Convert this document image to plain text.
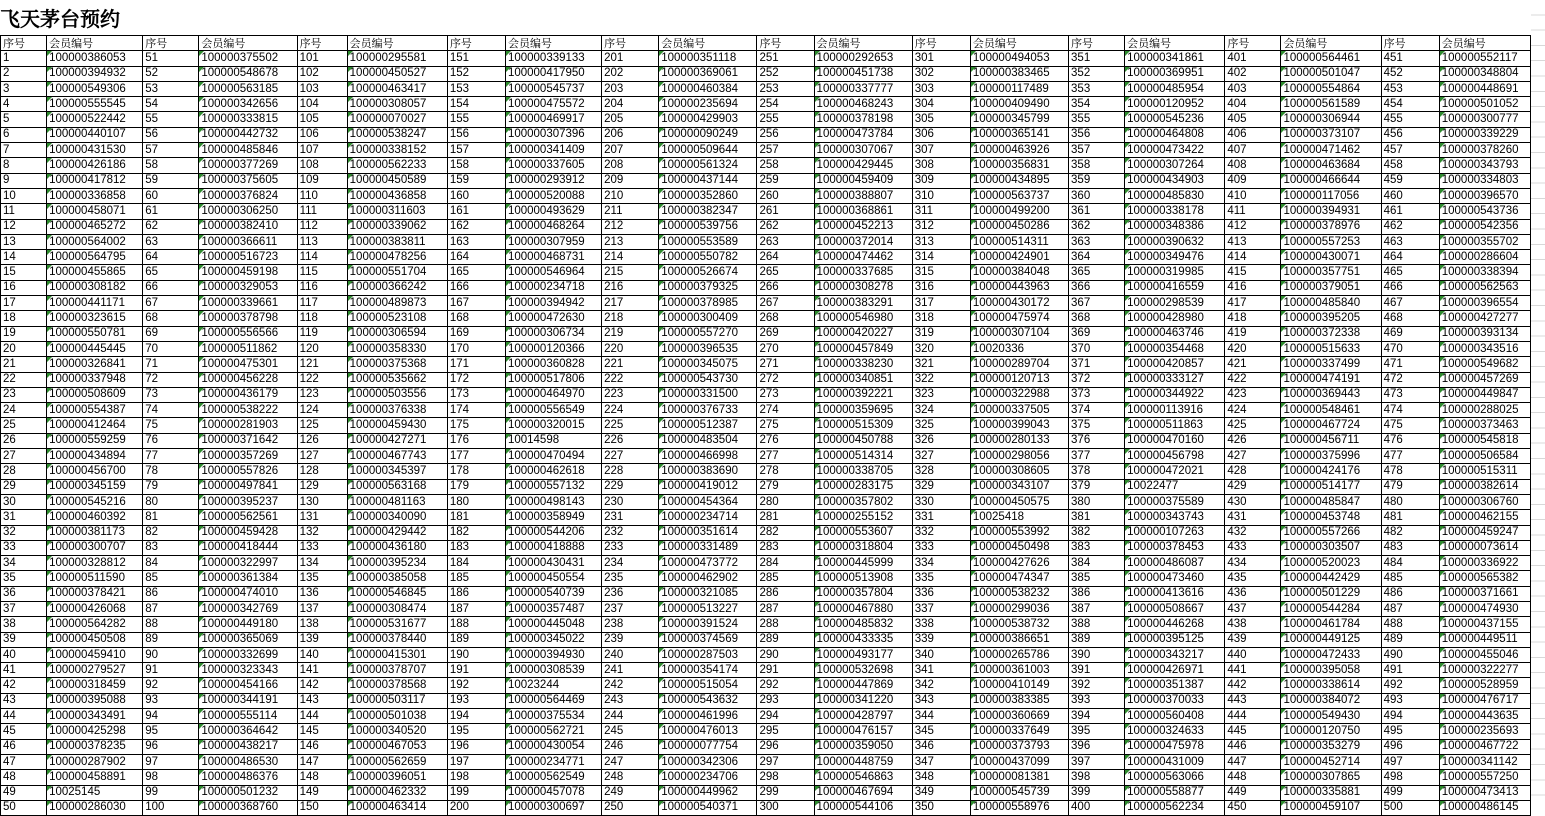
飞天茅台预约
序号	会员编号	序号	会员编号	序号	会员编号	序号	会员编号	序号	会员编号	序号	会员编号	序号	会员编号	序号	会员编号	序号	会员编号	序号	会员编号
1	100000386053	51	100000375502	101	100000295581	151	100000339133	201	100000351118	251	100000292653	301	100000494053	351	100000341861	401	100000564461	451	100000552117
2	100000394932	52	100000548678	102	100000450527	152	100000417950	202	100000369061	252	100000451738	302	100000383465	352	100000369951	402	100000501047	452	100000348804
3	100000549306	53	100000563185	103	100000463417	153	100000545737	203	100000460384	253	100000337777	303	100000117489	353	100000485954	403	100000554864	453	100000448691
4	100000555545	54	100000342656	104	100000308057	154	100000475572	204	100000235694	254	100000468243	304	100000409490	354	100000120952	404	100000561589	454	100000501052
5	100000522442	55	100000333815	105	100000070027	155	100000469917	205	100000429903	255	100000378198	305	100000345799	355	100000545236	405	100000306944	455	100000300777
6	100000440107	56	100000442732	106	100000538247	156	100000307396	206	100000090249	256	100000473784	306	100000365141	356	100000464808	406	100000373107	456	100000339229
7	100000431530	57	100000485846	107	100000338152	157	100000341409	207	100000509644	257	100000307067	307	100000463926	357	100000473422	407	100000471462	457	100000378260
8	100000426186	58	100000377269	108	100000562233	158	100000337605	208	100000561324	258	100000429445	308	100000356831	358	100000307264	408	100000463684	458	100000343793
9	100000417812	59	100000375605	109	100000450589	159	100000293912	209	100000437144	259	100000459409	309	100000434895	359	100000434903	409	100000466644	459	100000334803
10	100000336858	60	100000376824	110	100000436858	160	100000520088	210	100000352860	260	100000388807	310	100000563737	360	100000485830	410	100000117056	460	100000396570
11	100000458071	61	100000306250	111	100000311603	161	100000493629	211	100000382347	261	100000368861	311	100000499200	361	100000338178	411	100000394931	461	100000543736
12	100000465272	62	100000382410	112	100000339062	162	100000468264	212	100000539756	262	100000452213	312	100000450286	362	100000348386	412	100000378976	462	100000542356
13	100000564002	63	100000366611	113	100000383811	163	100000307959	213	100000553589	263	100000372014	313	100000514311	363	100000390632	413	100000557253	463	100000355702
14	100000564795	64	100000516723	114	100000478256	164	100000468731	214	100000550782	264	100000474462	314	100000424901	364	100000349476	414	100000430071	464	100000286604
15	100000455865	65	100000459198	115	100000551704	165	100000546964	215	100000526674	265	100000337685	315	100000384048	365	100000319985	415	100000357751	465	100000338394
16	100000308182	66	100000329053	116	100000366242	166	100000234718	216	100000379325	266	100000308278	316	100000443963	366	100000416559	416	100000379051	466	100000562563
17	100000441171	67	100000339661	117	100000489873	167	100000394942	217	100000378985	267	100000383291	317	100000430172	367	100000298539	417	100000485840	467	100000396554
18	100000323615	68	100000378798	118	100000523108	168	100000472630	218	100000300409	268	100000546980	318	100000475974	368	100000428980	418	100000395205	468	100000427277
19	100000550781	69	100000556566	119	100000306594	169	100000306734	219	100000557270	269	100000420227	319	100000307104	369	100000463746	419	100000372338	469	100000393134
20	100000445445	70	100000511862	120	100000358330	170	100000120366	220	100000396535	270	100000457849	320	10020336	370	100000354468	420	100000515633	470	100000343516
21	100000326841	71	100000475301	121	100000375368	171	100000360828	221	100000345075	271	100000338230	321	100000289704	371	100000420857	421	100000337499	471	100000549682
22	100000337948	72	100000456228	122	100000535662	172	100000517806	222	100000543730	272	100000340851	322	100000120713	372	100000333127	422	100000474191	472	100000457269
23	100000508609	73	100000436179	123	100000503556	173	100000464970	223	100000331500	273	100000392221	323	100000322988	373	100000344922	423	100000369443	473	100000449847
24	100000554387	74	100000538222	124	100000376338	174	100000556549	224	100000376733	274	100000359695	324	100000337505	374	100000113916	424	100000548461	474	100000288025
25	100000412464	75	100000281903	125	100000459430	175	100000320015	225	100000512387	275	100000515309	325	100000399043	375	100000511863	425	100000467724	475	100000373463
26	100000559259	76	100000371642	126	100000427271	176	10014598	226	100000483504	276	100000450788	326	100000280133	376	100000470160	426	100000456711	476	100000545818
27	100000434894	77	100000357269	127	100000467743	177	100000470494	227	100000466998	277	100000514314	327	100000298056	377	100000456798	427	100000375996	477	100000506584
28	100000456700	78	100000557826	128	100000345397	178	100000462618	228	100000383690	278	100000338705	328	100000308605	378	100000472021	428	100000424176	478	100000515311
29	100000345159	79	100000497841	129	100000563168	179	100000557132	229	100000419012	279	100000283175	329	100000343107	379	10022477	429	100000514177	479	100000382614
30	100000545216	80	100000395237	130	100000481163	180	100000498143	230	100000454364	280	100000357802	330	100000450575	380	100000375589	430	100000485847	480	100000306760
31	100000460392	81	100000562561	131	100000340090	181	100000358949	231	100000234714	281	100000255152	331	10025418	381	100000343743	431	100000453748	481	100000462155
32	100000381173	82	100000459428	132	100000429442	182	100000544206	232	100000351614	282	100000553607	332	100000553992	382	100000107263	432	100000557266	482	100000459247
33	100000300707	83	100000418444	133	100000436180	183	100000418888	233	100000331489	283	100000318804	333	100000450498	383	100000378453	433	100000303507	483	100000073614
34	100000328812	84	100000322997	134	100000395234	184	100000430431	234	100000473772	284	100000445999	334	100000427626	384	100000486087	434	100000520023	484	100000336922
35	100000511590	85	100000361384	135	100000385058	185	100000450554	235	100000462902	285	100000513908	335	100000474347	385	100000473460	435	100000442429	485	100000565382
36	100000378421	86	100000474010	136	100000546845	186	100000540739	236	100000321085	286	100000357804	336	100000538232	386	100000413616	436	100000501229	486	100000371661
37	100000426068	87	100000342769	137	100000308474	187	100000357487	237	100000513227	287	100000467880	337	100000299036	387	100000508667	437	100000544284	487	100000474930
38	100000564282	88	100000449180	138	100000531677	188	100000445048	238	100000391524	288	100000485832	338	100000538732	388	100000446268	438	100000461784	488	100000437155
39	100000450508	89	100000365069	139	100000378440	189	100000345022	239	100000374569	289	100000433335	339	100000386651	389	100000395125	439	100000449125	489	100000449511
40	100000459410	90	100000332699	140	100000415301	190	100000394930	240	100000287503	290	100000493177	340	100000265786	390	100000343217	440	100000472433	490	100000455046
41	100000279527	91	100000323343	141	100000378707	191	100000308539	241	100000354174	291	100000532698	341	100000361003	391	100000426971	441	100000395058	491	100000322277
42	100000318459	92	100000454166	142	100000378568	192	10023244	242	100000515054	292	100000447869	342	100000410149	392	100000351387	442	100000338614	492	100000528959
43	100000395088	93	100000344191	143	100000503117	193	100000564469	243	100000543632	293	100000341220	343	100000383385	393	100000370033	443	100000384072	493	100000476717
44	100000343491	94	100000555114	144	100000501038	194	100000375534	244	100000461996	294	100000428797	344	100000360669	394	100000560408	444	100000549430	494	100000443635
45	100000425298	95	100000364642	145	100000340520	195	100000562721	245	100000476013	295	100000476157	345	100000337649	395	100000324633	445	100000120750	495	100000235693
46	100000378235	96	100000438217	146	100000467053	196	100000430054	246	100000077754	296	100000359050	346	100000373793	396	100000475978	446	100000353279	496	100000467722
47	100000287902	97	100000486530	147	100000562659	197	100000234771	247	100000342306	297	100000448759	347	100000437099	397	100000431009	447	100000452714	497	100000341142
48	100000458891	98	100000486376	148	100000396051	198	100000562549	248	100000234706	298	100000546863	348	100000081381	398	100000563066	448	100000307865	498	100000557250
49	10025145	99	100000501232	149	100000462332	199	100000457078	249	100000449962	299	100000467694	349	100000545739	399	100000558877	449	100000335881	499	100000473413
50	100000286030	100	100000368760	150	100000463414	200	100000300697	250	100000540371	300	100000544106	350	100000558976	400	100000562234	450	100000459107	500	100000486145
